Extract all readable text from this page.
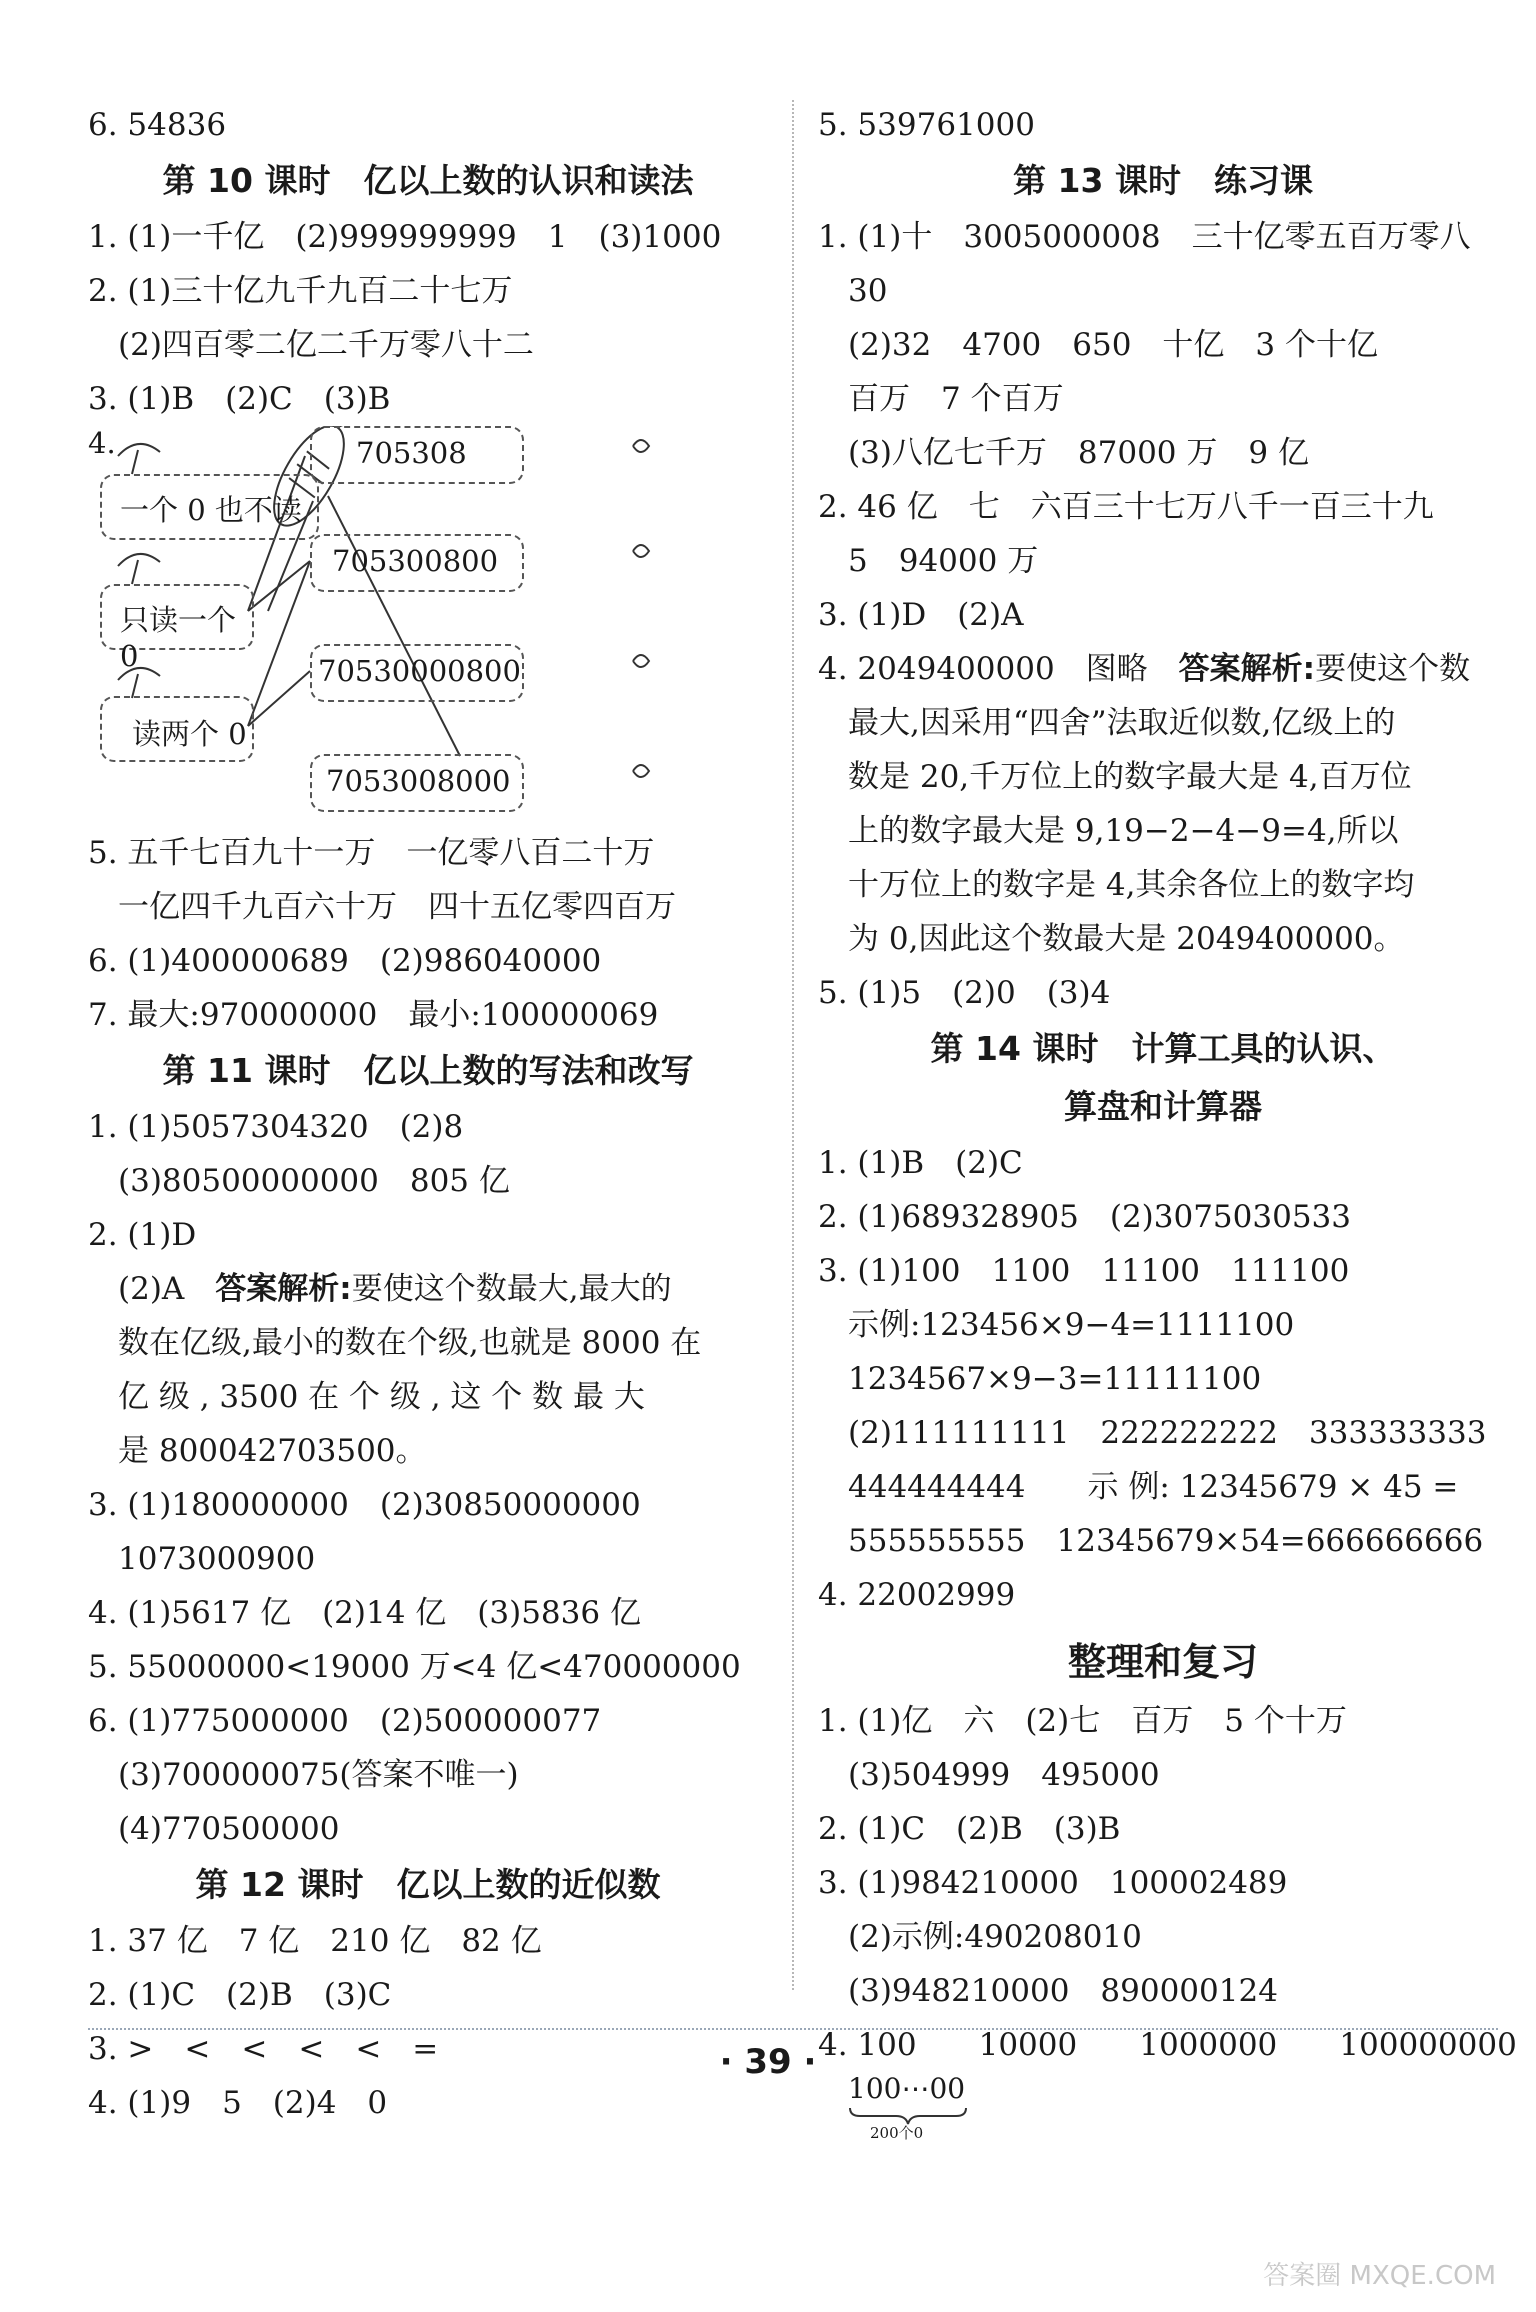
6. 54836
第 10 课时　亿以上数的认识和读法
1. (1)一千亿　(2)999999999　1　(3)1000
2. (1)三十亿九千九百二十七万
(2)四百零二亿二千万零八十二
3. (1)B　(2)C　(3)B
4.
一个 0 也不读
只读一个 0
读两个 0
705308
705300800
70530000800
7053008000
5. 五千七百九十一万　一亿零八百二十万
一亿四千九百六十万　四十五亿零四百万
6. (1)400000689　(2)986040000
7. 最大:970000000　最小:100000069
第 11 课时　亿以上数的写法和改写
1. (1)5057304320　(2)8
(3)80500000000　805 亿
2. (1)D
(2)A　答案解析:要使这个数最大,最大的
数在亿级,最小的数在个级,也就是 8000 在
亿 级 , 3500 在 个 级 , 这 个 数 最 大
是 800042703500。
3. (1)180000000　(2)30850000000
1073000900
4. (1)5617 亿　(2)14 亿　(3)5836 亿
5. 55000000<19000 万<4 亿<470000000
6. (1)775000000　(2)500000077
(3)700000075(答案不唯一)
(4)770500000
第 12 课时　亿以上数的近似数
1. 37 亿　7 亿　210 亿　82 亿
2. (1)C　(2)B　(3)C
3. >　<　<　<　<　=
4. (1)9　5　(2)4　0
5. 539761000
第 13 课时　练习课
1. (1)十　3005000008　三十亿零五百万零八
30
(2)32　4700　650　十亿　3 个十亿
百万　7 个百万
(3)八亿七千万　87000 万　9 亿
2. 46 亿　七　六百三十七万八千一百三十九
5　94000 万
3. (1)D　(2)A
4. 2049400000　图略　答案解析:要使这个数
最大,因采用“四舍”法取近似数,亿级上的
数是 20,千万位上的数字最大是 4,百万位
上的数字最大是 9,19−2−4−9=4,所以
十万位上的数字是 4,其余各位上的数字均
为 0,因此这个数最大是 2049400000。
5. (1)5　(2)0　(3)4
第 14 课时　计算工具的认识、
算盘和计算器
1. (1)B　(2)C
2. (1)689328905　(2)3075030533
3. (1)100　1100　11100　111100
示例:123456×9−4=1111100
1234567×9−3=11111100
(2)111111111　222222222　333333333
444444444　　示 例: 12345679 × 45 =
555555555　12345679×54=666666666
4. 22002999
整理和复习
1. (1)亿　六　(2)七　百万　5 个十万
(3)504999　495000
2. (1)C　(2)B　(3)B
3. (1)984210000　100002489
(2)示例:490208010
(3)948210000　890000124
4. 100　　10000　　1000000　　100000000
100⋯00
200个0
· 39 ·
答案圈 MXQE.COM
